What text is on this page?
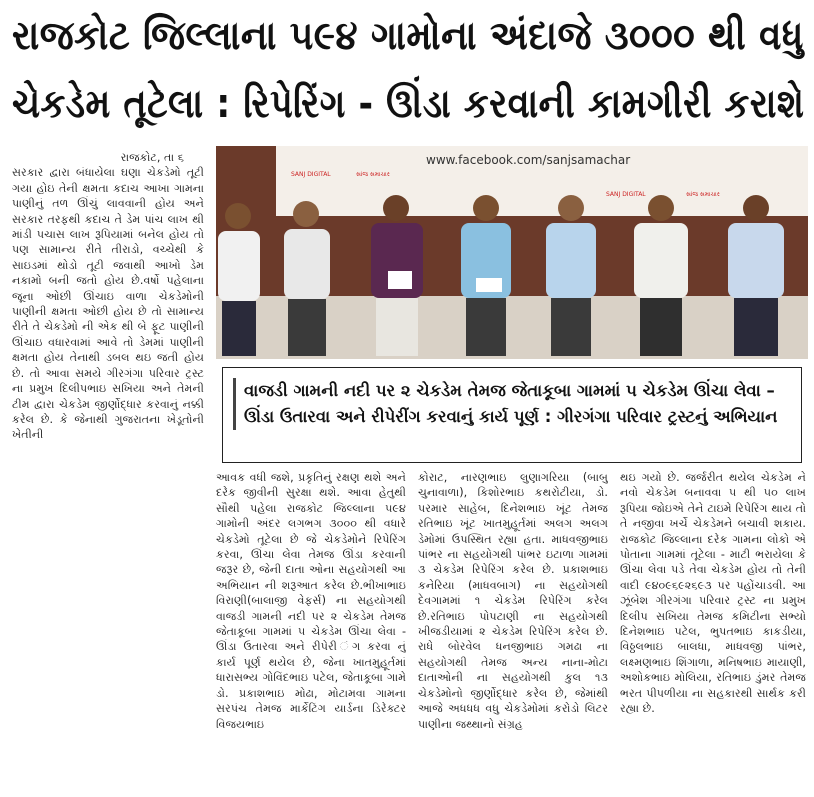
રાજકોટ જિલ્લાના ૫૯૪ ગામોના અંદાજે ૩૦૦૦ થી વધુ
ચેકડેમ તૂટેલા : રિપેરિંગ - ઊંડા કરવાની કામગીરી કરાશે

રાજકોટ, તા ૬

સરકાર દ્વારા બંધાયેલા ઘણા ચેકડેમો તૂટી ગયા હોઇ તેની ક્ષમતા કદાચ આખા ગામના પાણીનું તળ ઊંચું લાવવાની હોય અને સરકાર તરફથી કદાચ તે ડેમ પાંચ લાખ થી માંડી પચાસ લાખ રૂપિયામાં બનેલ હોય તો પણ સામાન્ય રીતે તીરાડો, વચ્ચેથી કે સાઇડમાં થોડો તૂટી જવાથી આખો ડેમ નકામો બની જતો હોય છે.વર્ષો પહેલાના જૂના ઓછી ઊંચાઇ વાળા ચેકડેમોની પાણીની ક્ષમતા ઓછી હોય છે તો સામાન્ય રીતે તે ચેકડેમો ની એક થી બે ફૂટ પાણીની ઊંચાઇ વધારવામાં આવે તો ડેમમાં પાણીની ક્ષમતા હોય તેનાથી ડબલ થઇ જતી હોય છે. તો આવા સમયે ગીરગંગા પરિવાર ટ્રસ્ટ ના પ્રમુખ દિલીપભાઇ સખિયા અને તેમની ટીમ દ્વારા ચેકડેમ જીર્ણોદ્ધાર કરવાનું નક્કી કરેલ છે. કે જેનાથી ગુજરાતના ખેડૂતોની ખેતીની

www.facebook.com/sanjsamachar
SANJ DIGITAL	સાંજ સમાચાર
SANJ DIGITAL	સાંજ સમાચાર
વાજડી ગામની નદી પર ૨ ચેકડેમ તેમજ જેતાકૂબા ગામમાં ૫ ચેકડેમ ઊંચા લેવા – ઊંડા ઉતારવા અને રીપેરીંગ કરવાનું કાર્ય પૂર્ણ : ગીરગંગા પરિવાર ટ્રસ્ટનું અભિયાન

આવક વધી જશે, પ્રકૃતિનું રક્ષણ થશે અને દરેક જીવીની સુરક્ષા થશે. આવા હેતુથી સૌથી પહેલા રાજકોટ જિલ્લાના ૫૯૪ ગામોની અંદર લગભગ ૩૦૦૦ થી વધારે ચેકડેમો તૂટેલા છે જે ચેકડેમોને રિપેરિંગ કરવા, ઊંચા લેવા તેમજ ઊંડા કરવાની જરૂર છે, જેની દાતા ઓના સહયોગથી આ અભિયાન ની શરૂઆત કરેલ છે.ભીખાભાઇ વિરાણી(બાલાજી વેફર્સ) ના સહયોગથી વાજડી ગામની નદી પર ૨ ચેકડેમ તેમજ જેતાકૂબા ગામમાં ૫ ચેકડેમ ઊંચા લેવા - ઊંડા ઉતારવા અને રીપેરી ંગ કરવા નું કાર્ય પૂર્ણ થયેલ છે, જેના ખાતમુહૂર્તમાં ધારાસભ્ય ગોવિંદભાઇ પટેલ, જેતાકૂબા ગામે ડો. પ્રકાશભાઇ મોઢા, મોટામવા ગામના સરપંચ તેમજ માર્કેટિંગ યાર્ડના ડિરેક્ટર વિજયભાઇ

કોરાટ, નારણભાઇ લુણાગરિયા (બાબુ ચુનાવાળા), કિશોરભાઇ કથરોટીયા, ડો. પરમાર સાહેબ, દિનેશભાઇ ખૂંટ તેમજ રતિભાઇ ખૂંટ ખાતમુહૂર્તમાં અલગ અલગ ડેમોમાં ઉપસ્થિત રહ્યા હતા. માધવજીભાઇ પાંભર ના સહયોગથી પાંભર ઇટાળા ગામમાં ૩ ચેકડેમ રિપેરિંગ કરેલ છે. પ્રકાશભાઇ કનેરિયા (માધવબાગ) ના સહયોગથી દેવગામમાં ૧ ચેકડેમ રિપેરિંગ કરેલ છે.રતિભાઇ પોપટાણી ના સહયોગથી ખીજડીયામાં ૨ ચેકડેમ રિપેરિંગ કરેલ છે. રાધે બોરવેલ ધનજીભાઇ ગમઢા ના સહયોગથી તેમજ અન્ય નાના-મોટા દાતાઓની ના સહયોગથી કુલ ૧૩ ચેકડેમોનો જીર્ણોદ્ધાર કરેલ છે, જેમાંથી આજે અધધધ વધુ ચેકડેમોમાં કરોડો લિટર પાણીના જથ્થાનો સંગ્રહ

થઇ ગયો છે. જર્જરીત થયેલ ચેકડેમ ને નવો ચેકડેમ બનાવવા ૫ થી ૫૦ લાખ રૂપિયા જોઇએ તેને ટાઇમે રિપેરિંગ થાય તો તે નજીવા ખર્ચે ચેકડેમને બચાવી શકાય. રાજકોટ જિલ્લાના દરેક ગામના લોકો એ પોતાના ગામમાં તૂટેલા - માટી ભરાયેલા કે ઊંચા લેવા પડે તેવા ચેકડેમ હોય તો તેની વાદી ૯૪૦૯૬૯૨૬૯૩ પર પહોંચાડવી. આ ઝૂંબેશ ગીરગંગા પરિવાર ટ્રસ્ટ ના પ્રમુખ દિલીપ સખિયા તેમજ કમિટીના સભ્યો દિનેશભાઇ પટેલ, ભુપતભાઇ કાકડીયા, વિઠ્ઠલભાઇ બાલધા, માધવજી પાંભર, લક્ષ્મણભાઇ શિંગાળા, મનિષભાઇ માયાણી, અશોકભાઇ મોલિયા, રતિભાઇ ડુંમર તેમજ ભરત પીપળીયા ના સહકારથી સાર્થક કરી રહ્યા છે.
